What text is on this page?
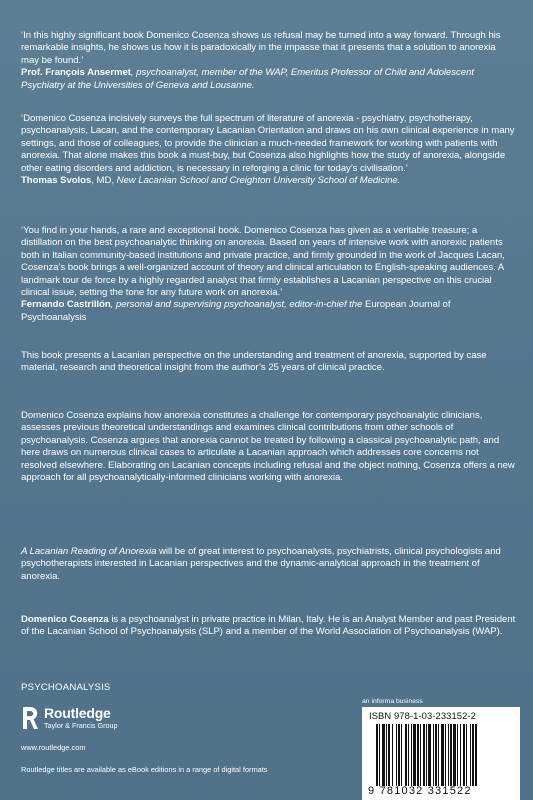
‘In this highly significant book Domenico Cosenza shows us refusal may be turned into a way forward. Through his remarkable insights, he shows us how it is paradoxically in the impasse that it presents that a solution to anorexia may be found.’

Prof. François Ansermet, psychoanalyst, member of the WAP, Emeritus Professor of Child and Adolescent Psychiatry at the Universities of Geneva and Lousanne.

‘Domenico Cosenza incisively surveys the full spectrum of literature of anorexia - psychiatry, psychotherapy, psychoanalysis, Lacan, and the contemporary Lacanian Orientation and draws on his own clinical experience in many settings, and those of colleagues, to provide the clinician a much-needed framework for working with patients with anorexia. That alone makes this book a must-buy, but Cosenza also highlights how the study of anorexia, alongside other eating disorders and addiction, is necessary in reforging a clinic for today’s civilisation.’

Thomas Svolos, MD, New Lacanian School and Creighton University School of Medicine.

‘You find in your hands, a rare and exceptional book. Domenico Cosenza has given as a veritable treasure; a distillation on the best psychoanalytic thinking on anorexia. Based on years of intensive work with anorexic patients both in Italian community-based institutions and private practice, and firmly grounded in the work of Jacques Lacan, Cosenza’s book brings a well-organized account of theory and clinical articulation to English-speaking audiences. A landmark tour de force by a highly regarded analyst that firmly establishes a Lacanian perspective on this crucial clinical issue, setting the tone for any future work on anorexia.’

Fernando Castrillón, personal and supervising psychoanalyst, editor-in-chief the European Journal of Psychoanalysis

This book presents a Lacanian perspective on the understanding and treatment of anorexia, supported by case material, research and theoretical insight from the author’s 25 years of clinical practice.

Domenico Cosenza explains how anorexia constitutes a challenge for contemporary psychoanalytic clinicians, assesses previous theoretical understandings and examines clinical contributions from other schools of psychoanalysis. Cosenza argues that anorexia cannot be treated by following a classical psychoanalytic path, and here draws on numerous clinical cases to articulate a Lacanian approach which addresses core concerns not resolved elsewhere. Elaborating on Lacanian concepts including refusal and the object nothing, Cosenza offers a new approach for all psychoanalytically-informed clinicians working with anorexia.

A Lacanian Reading of Anorexia will be of great interest to psychoanalysts, psychiatrists, clinical psychologists and psychotherapists interested in Lacanian perspectives and the dynamic-analytical approach in the treatment of anorexia.

Domenico Cosenza is a psychoanalyst in private practice in Milan, Italy. He is an Analyst Member and past President of the Lacanian School of Psychoanalysis (SLP) and a member of the World Association of Psychoanalysis (WAP).

PSYCHOANALYSIS
Routledge
Taylor & Francis Group
www.routledge.com
Routledge titles are available as eBook editions in a range of digital formats
an informa business
ISBN 978-1-03-233152-2
9 781032 331522
